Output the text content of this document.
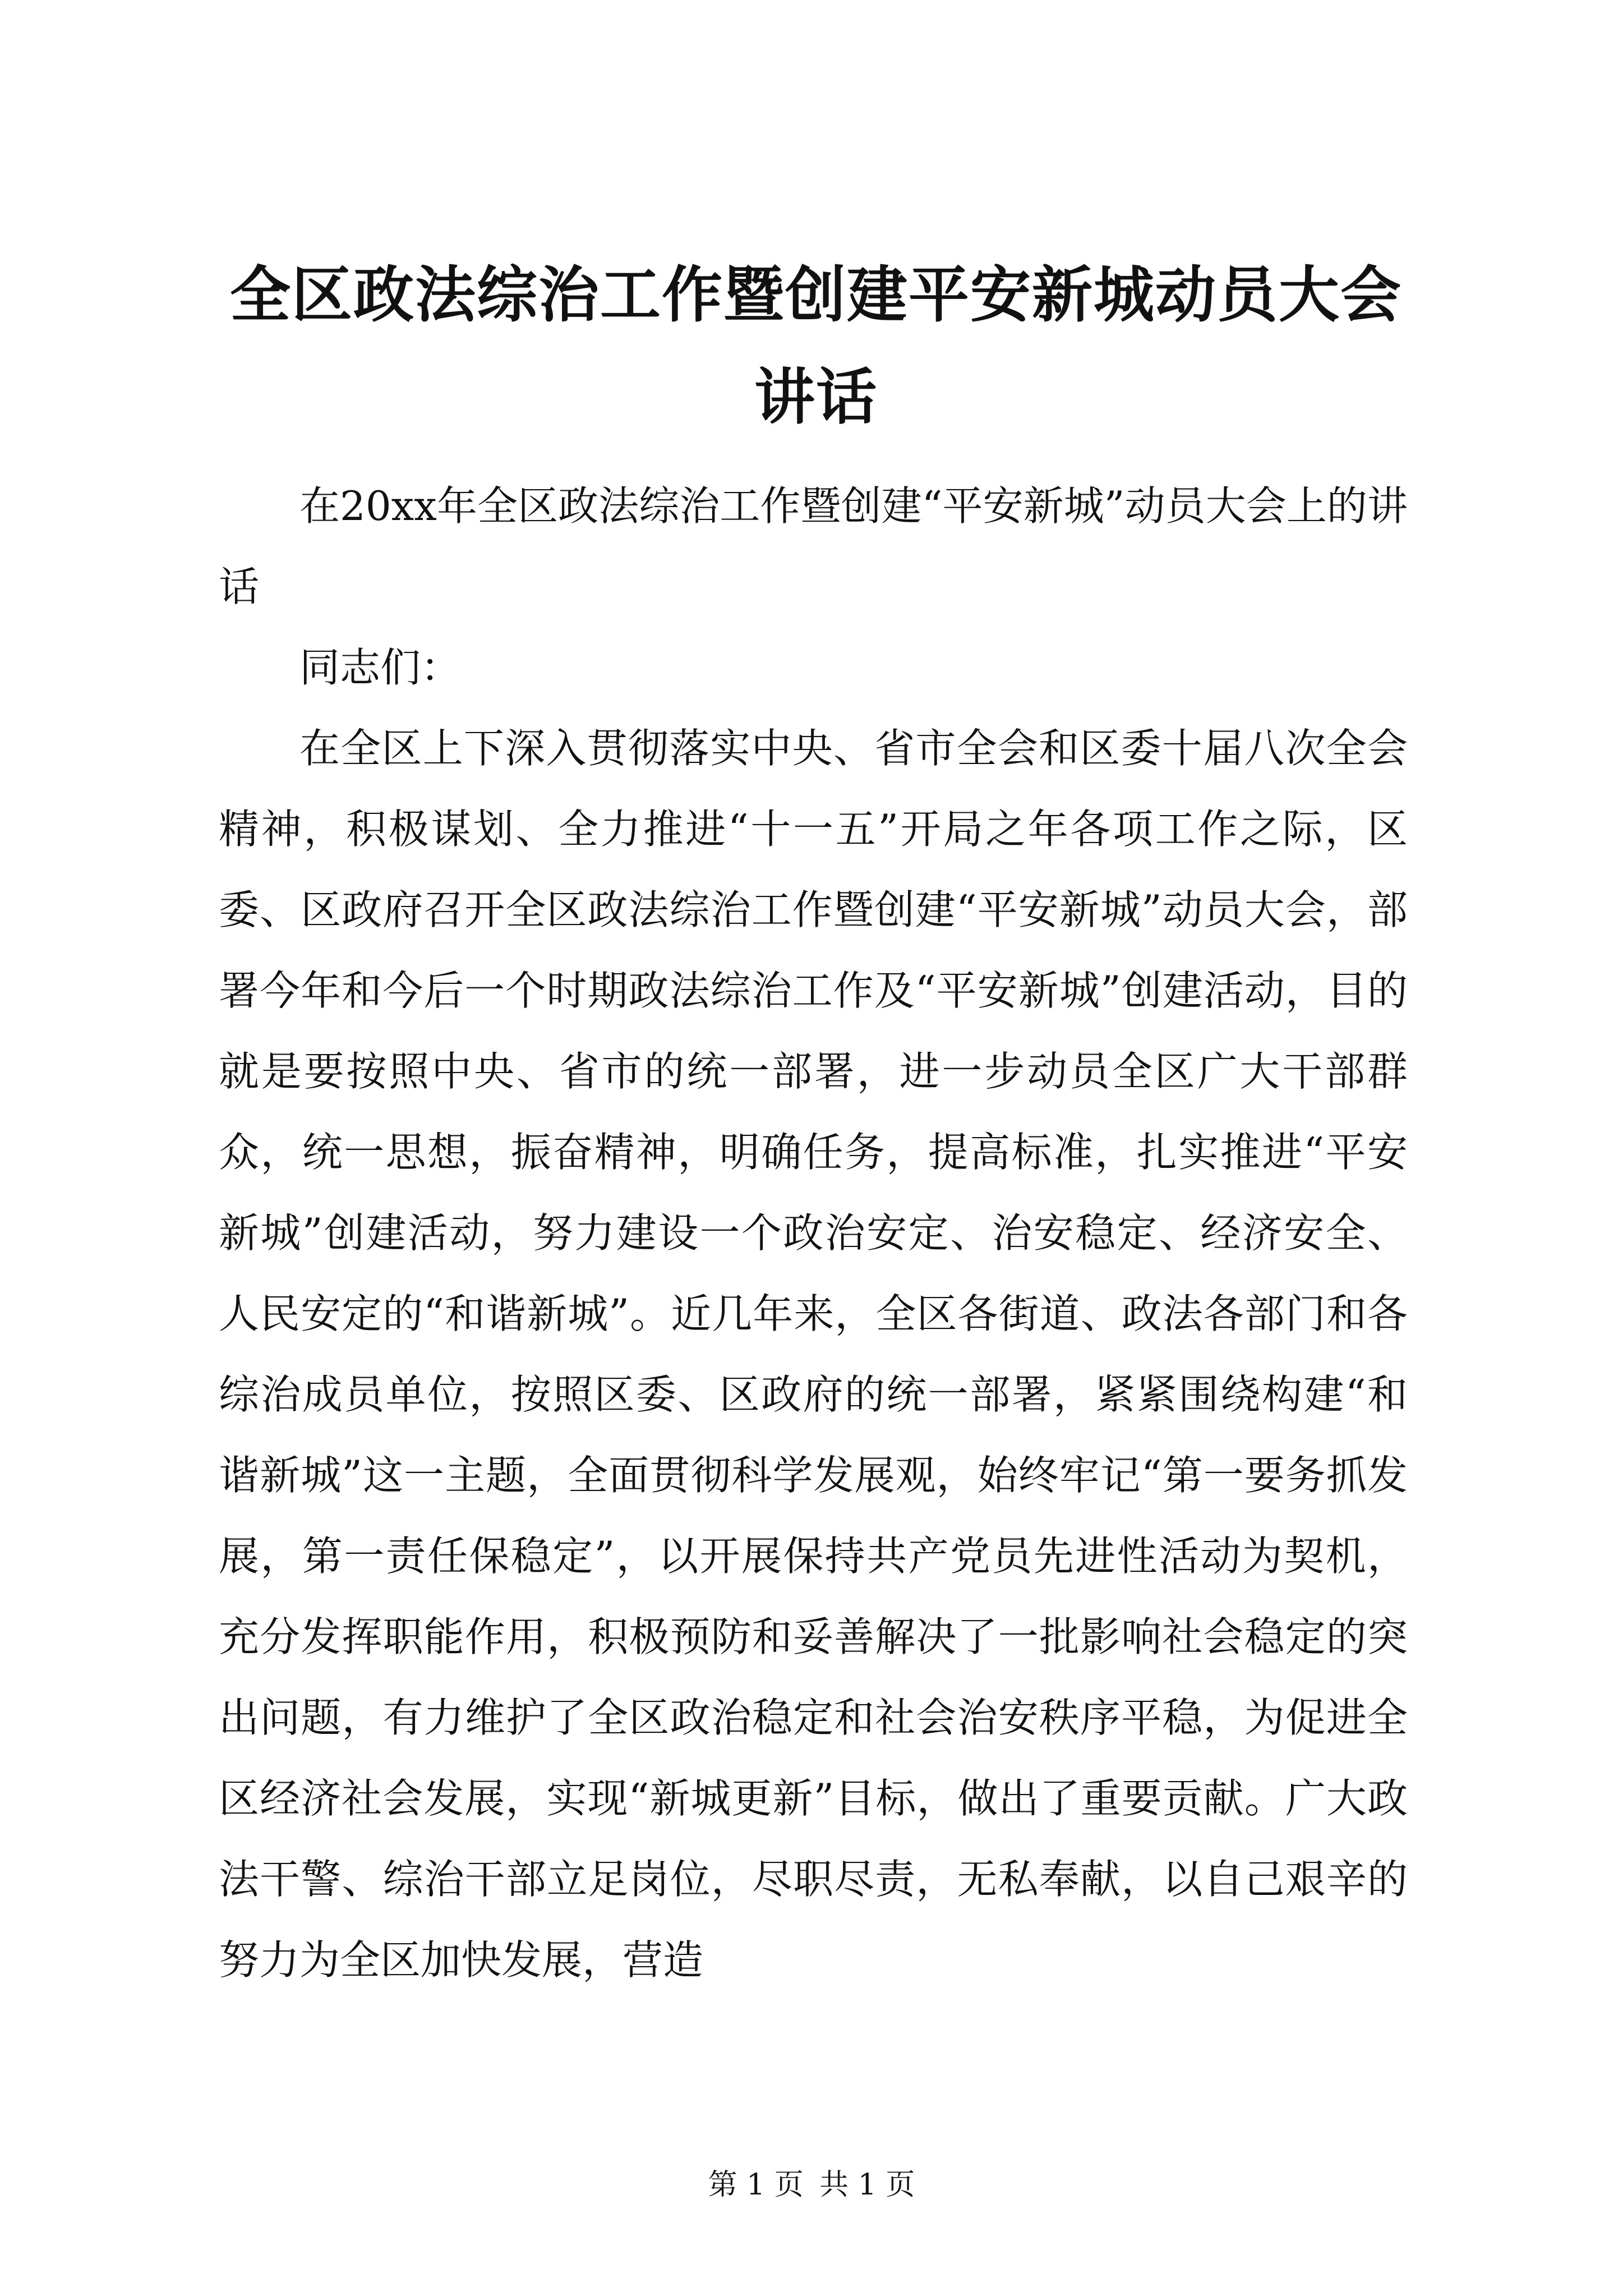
全区政法综治工作暨创建平安新城动员大会讲话

在20xx年全区政法综治工作暨创建“平安新城”动员大会上的讲话

同志们：

在全区上下深入贯彻落实中央、省市全会和区委十届八次全会精神，积极谋划、全力推进“十一五”开局之年各项工作之际，区委、区政府召开全区政法综治工作暨创建“平安新城”动员大会，部署今年和今后一个时期政法综治工作及“平安新城”创建活动，目的就是要按照中央、省市的统一部署，进一步动员全区广大干部群众，统一思想，振奋精神，明确任务，提高标准，扎实推进“平安新城”创建活动，努力建设一个政治安定、治安稳定、经济安全、人民安定的“和谐新城”。近几年来，全区各街道、政法各部门和各综治成员单位，按照区委、区政府的统一部署，紧紧围绕构建“和谐新城”这一主题，全面贯彻科学发展观，始终牢记“第一要务抓发展，第一责任保稳定”，以开展保持共产党员先进性活动为契机，充分发挥职能作用，积极预防和妥善解决了一批影响社会稳定的突出问题，有力维护了全区政治稳定和社会治安秩序平稳，为促进全区经济社会发展，实现“新城更新”目标，做出了重要贡献。广大政法干警、综治干部立足岗位，尽职尽责，无私奉献，以自己艰辛的努力为全区加快发展，营造

第 1 页 共 1 页
